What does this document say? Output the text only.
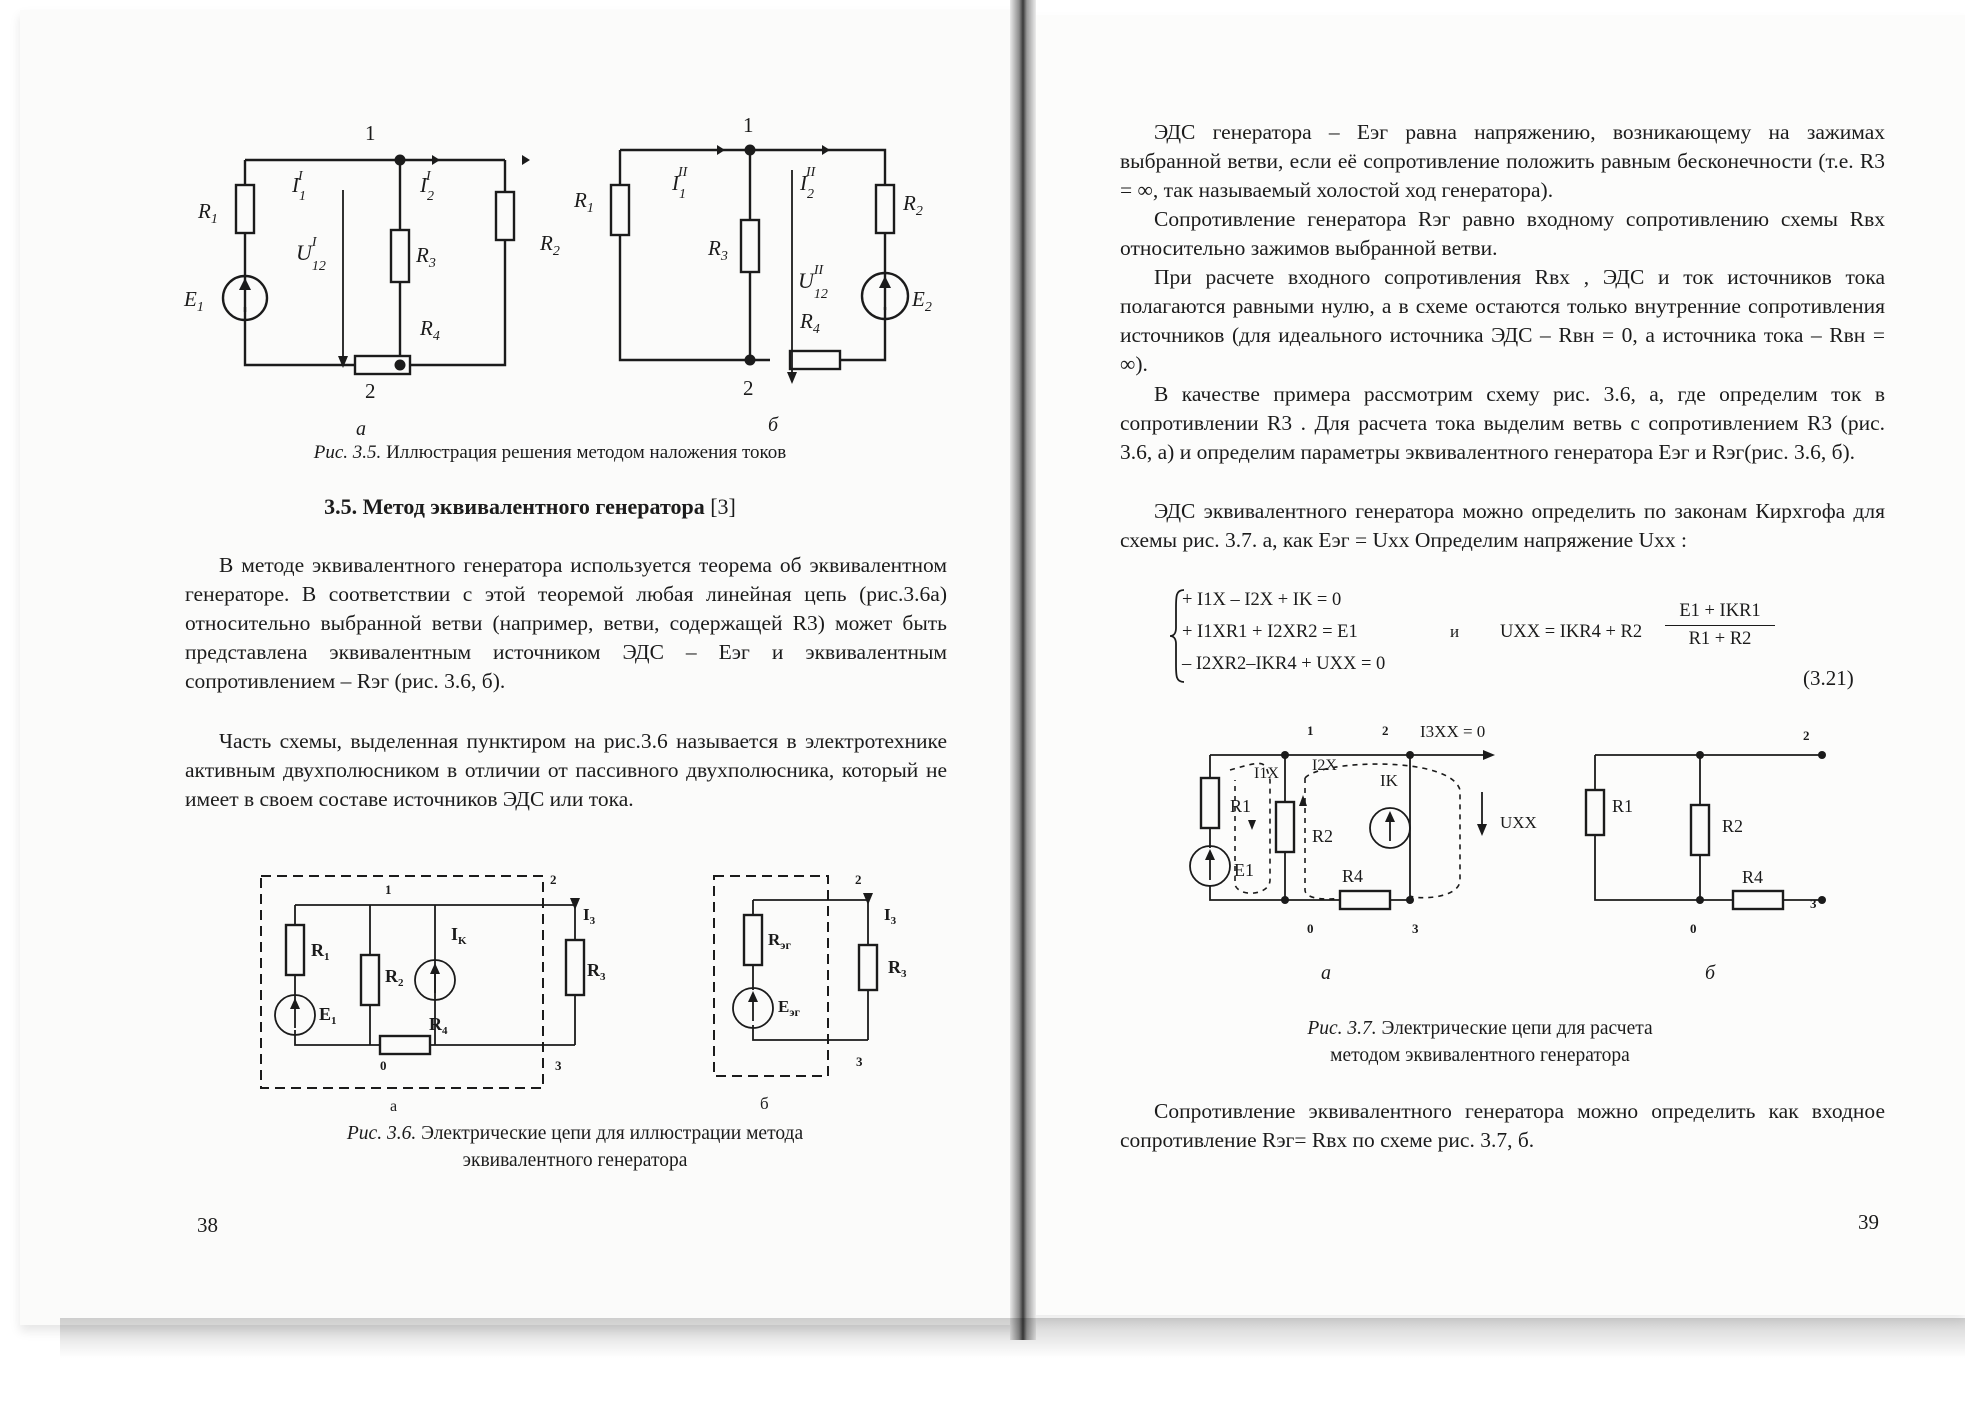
1
2
$R_1$
$E_1$
$I_1I$	$I_2I$
$U_{12}I$
$R_3$
$R_2$
$R_4$
1
2
$R_1$
$I_1II$	$I_2II$
$R_3$
$U_{12}II$
$R_4$
$R_2$
$E_2$
а	б

Рис. 3.5. Иллюстрация решения методом наложения токов

3.5. Метод эквивалентного генератора [3]

В методе эквивалентного генератора используется теорема об эквивалентном генераторе. В соответствии с этой теоремой любая линейная цепь (рис.3.6а) относительно выбранной ветви (например, ветви, содержащей R3) может быть представлена эквивалентным источником ЭДС – Eэг и эквивалентным сопротивлением – Rэг (рис. 3.6, б).

Часть схемы, выделенная пунктиром на рис.3.6 называется в электротехнике активным двухполюсником в отличии от пассивного двухполюсника, который не имеет в своем составе источников ЭДС или тока.

1
2
0	3
$R_1$
$E_1$
$R_2$
$I_K$
$R_4$
$I_3$
$R_3$
2
3
$R_{эг}$
$E_{эг}$
$I_3$
$R_3$
а	б

Рис. 3.6. Электрические цепи для иллюстрации метода
эквивалентного генератора

38

ЭДС генератора – Eэг равна напряжению, возникающему на зажимах выбранной ветви, если её сопротивление положить равным бесконечности (т.е. R3 = ∞, так называемый холостой ход генератора).

Сопротивление генератора Rэг равно входному сопротивлению схемы Rвх относительно зажимов выбранной ветви.

При расчете входного сопротивления Rвх , ЭДС и ток источников тока полагаются равными нулю, а в схеме остаются только внутренние сопротивления источников (для идеального источника ЭДС – Rвн = 0, а источника тока – Rвн = ∞).

В качестве примера рассмотрим схему рис. 3.6, а, где определим ток в сопротивлении R3 . Для расчета тока выделим ветвь с сопротивлением R3 (рис. 3.6, а) и определим параметры эквивалентного генератора Eэг и Rэг(рис. 3.6, б).

ЭДС эквивалентного генератора можно определить по законам Кирхгофа для схемы рис. 3.7. а, как Eэг = Uхх Определим напряжение Uхх :

+ I1X – I2X + IK = 0
+ I1XR1 + I2XR2 = E1
– I2XR2–IKR4 + UXX = 0
и UXX = IKR4 + R2
E1 + IKR1
R1 + R2
(3.21)
1	2 I3XX = 0
I1X I2X
IK
R1
E1
R2
R4
UXX
0	3
2
R1
R2
R4
3
0
а	б

Рис. 3.7. Электрические цепи для расчета
методом эквивалентного генератора

Сопротивление эквивалентного генератора можно определить как входное сопротивление Rэг= Rвх по схеме рис. 3.7, б.

39
